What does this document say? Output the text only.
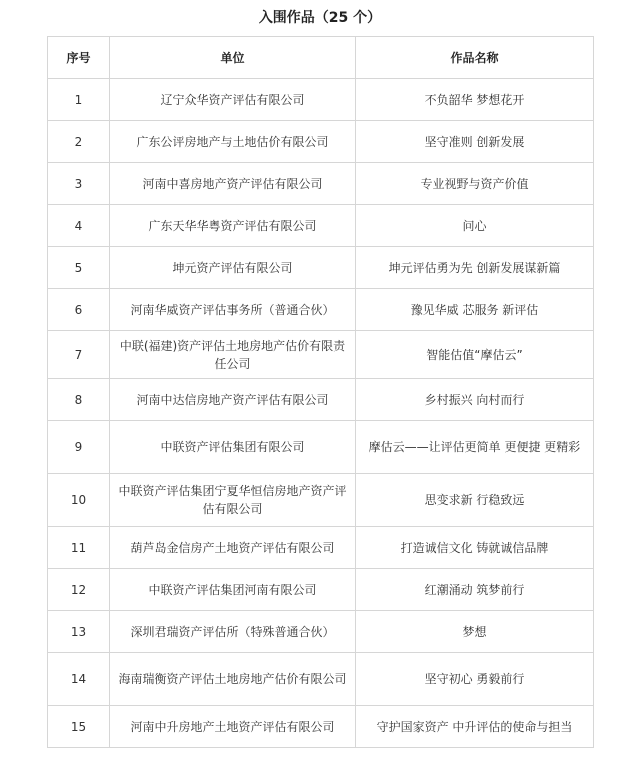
入围作品（25 个）
序号	单位	作品名称
1	辽宁众华资产评估有限公司	不负韶华 梦想花开
2	广东公评房地产与土地估价有限公司	坚守准则 创新发展
3	河南中喜房地产资产评估有限公司	专业视野与资产价值
4	广东天华华粤资产评估有限公司	问心
5	坤元资产评估有限公司	坤元评估勇为先 创新发展谋新篇
6	河南华威资产评估事务所（普通合伙）	豫见华威 芯服务 新评估
7	中联(福建)资产评估土地房地产估价有限责任公司	智能估值“摩估云”
8	河南中达信房地产资产评估有限公司	乡村振兴 向村而行
9	中联资产评估集团有限公司	摩估云——让评估更简单 更便捷 更精彩
10	中联资产评估集团宁夏华恒信房地产资产评估有限公司	思变求新 行稳致远
11	葫芦岛金信房产土地资产评估有限公司	打造诚信文化 铸就诚信品牌
12	中联资产评估集团河南有限公司	红潮涌动 筑梦前行
13	深圳君瑞资产评估所（特殊普通合伙）	梦想
14	海南瑞衡资产评估土地房地产估价有限公司	坚守初心 勇毅前行
15	河南中升房地产土地资产评估有限公司	守护国家资产 中升评估的使命与担当
